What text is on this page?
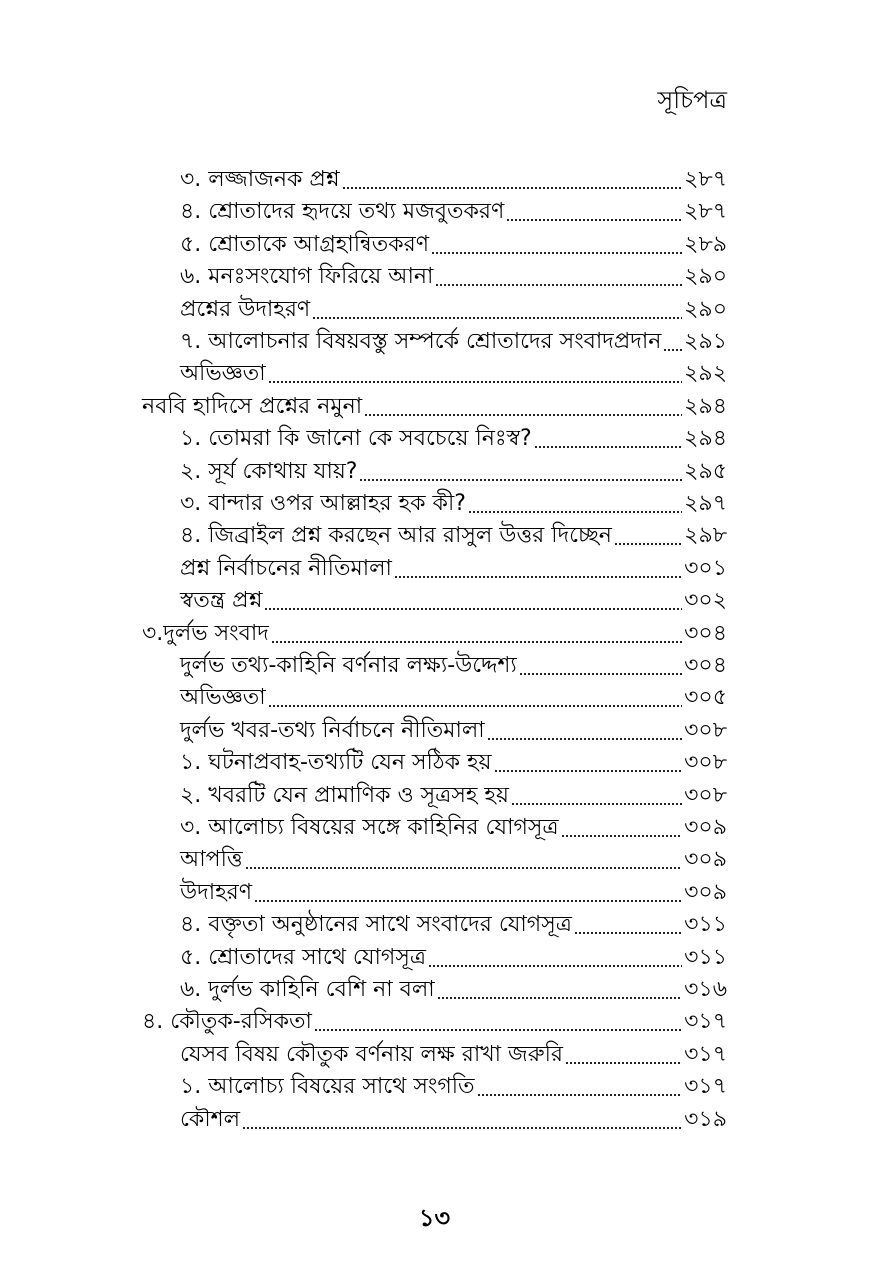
সূচিপত্র
৩. লজ্জাজনক প্রশ্ন	২৮৭
৪. শ্রোতাদের হৃদয়ে তথ্য মজবুতকরণ	২৮৭
৫. শ্রোতাকে আগ্রহান্বিতকরণ	২৮৯
৬. মনঃসংযোগ ফিরিয়ে আনা	২৯০
প্রশ্নের উদাহরণ	২৯০
৭. আলোচনার বিষয়বস্তু সম্পর্কে শ্রোতাদের সংবাদপ্রদান ২৯১
অভিজ্ঞতা	২৯২
নববি হাদিসে প্রশ্নের নমুনা	২৯৪
১. তোমরা কি জানো কে সবচেয়ে নিঃস্ব?	২৯৪
২. সূর্য কোথায় যায়?	২৯৫
৩. বান্দার ওপর আল্লাহর হক কী?	২৯৭
৪. জিব্রাইল প্রশ্ন করছেন আর রাসুল উত্তর দিচ্ছেন	২৯৮
প্রশ্ন নির্বাচনের নীতিমালা	৩০১
স্বতন্ত্র প্রশ্ন	৩০২
৩.দুর্লভ সংবাদ	৩০৪
দুর্লভ তথ্য-কাহিনি বর্ণনার লক্ষ্য-উদ্দেশ্য	৩০৪
অভিজ্ঞতা	৩০৫
দুর্লভ খবর-তথ্য নির্বাচনে নীতিমালা	৩০৮
১. ঘটনাপ্রবাহ-তথ্যটি যেন সঠিক হয়	৩০৮
২. খবরটি যেন প্রামাণিক ও সূত্রসহ হয়	৩০৮
৩. আলোচ্য বিষয়ের সঙ্গে কাহিনির যোগসূত্র	৩০৯
আপত্তি	৩০৯
উদাহরণ	৩০৯
৪. বক্তৃতা অনুষ্ঠানের সাথে সংবাদের যোগসূত্র	৩১১
৫. শ্রোতাদের সাথে যোগসূত্র	৩১১
৬. দুর্লভ কাহিনি বেশি না বলা	৩১৬
৪. কৌতুক-রসিকতা	৩১৭
যেসব বিষয় কৌতুক বর্ণনায় লক্ষ রাখা জরুরি	৩১৭
১. আলোচ্য বিষয়ের সাথে সংগতি	৩১৭
কৌশল	৩১৯
১৩
